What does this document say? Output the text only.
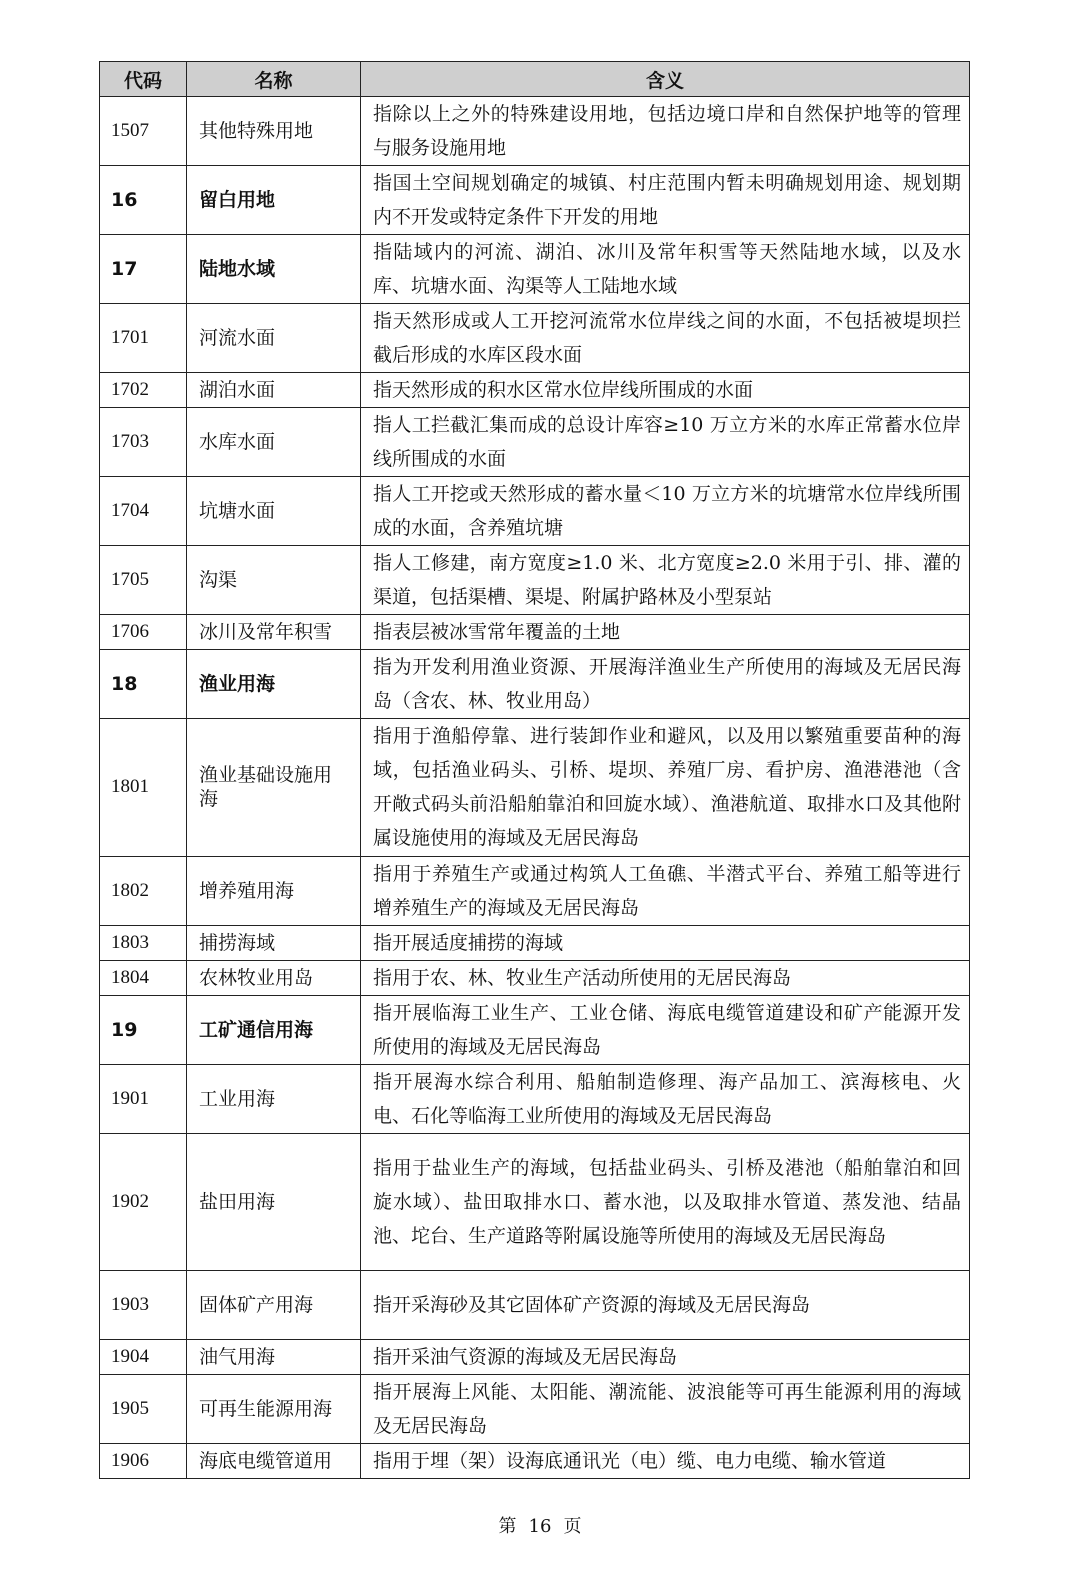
代码	名称	含义
1507	其他特殊用地	指除以上之外的特殊建设用地，包括边境口岸和自然保护地等的管理与服务设施用地
16	留白用地	指国土空间规划确定的城镇、村庄范围内暂未明确规划用途、规划期内不开发或特定条件下开发的用地
17	陆地水域	指陆域内的河流、湖泊、冰川及常年积雪等天然陆地水域，以及水库、坑塘水面、沟渠等人工陆地水域
1701	河流水面	指天然形成或人工开挖河流常水位岸线之间的水面，不包括被堤坝拦截后形成的水库区段水面
1702	湖泊水面	指天然形成的积水区常水位岸线所围成的水面
1703	水库水面	指人工拦截汇集而成的总设计库容≥10 万立方米的水库正常蓄水位岸线所围成的水面
1704	坑塘水面	指人工开挖或天然形成的蓄水量＜10 万立方米的坑塘常水位岸线所围成的水面，含养殖坑塘
1705	沟渠	指人工修建，南方宽度≥1.0 米、北方宽度≥2.0 米用于引、排、灌的渠道，包括渠槽、渠堤、附属护路林及小型泵站
1706	冰川及常年积雪	指表层被冰雪常年覆盖的土地
18	渔业用海	指为开发利用渔业资源、开展海洋渔业生产所使用的海域及无居民海岛（含农、林、牧业用岛）
1801	渔业基础设施用海	指用于渔船停靠、进行装卸作业和避风，以及用以繁殖重要苗种的海域，包括渔业码头、引桥、堤坝、养殖厂房、看护房、渔港港池（含开敞式码头前沿船舶靠泊和回旋水域）、渔港航道、取排水口及其他附属设施使用的海域及无居民海岛
1802	增养殖用海	指用于养殖生产或通过构筑人工鱼礁、半潜式平台、养殖工船等进行增养殖生产的海域及无居民海岛
1803	捕捞海域	指开展适度捕捞的海域
1804	农林牧业用岛	指用于农、林、牧业生产活动所使用的无居民海岛
19	工矿通信用海	指开展临海工业生产、工业仓储、海底电缆管道建设和矿产能源开发所使用的海域及无居民海岛
1901	工业用海	指开展海水综合利用、船舶制造修理、海产品加工、滨海核电、火电、石化等临海工业所使用的海域及无居民海岛
1902	盐田用海	指用于盐业生产的海域，包括盐业码头、引桥及港池（船舶靠泊和回旋水域）、盐田取排水口、蓄水池，以及取排水管道、蒸发池、结晶池、坨台、生产道路等附属设施等所使用的海域及无居民海岛
1903	固体矿产用海	指开采海砂及其它固体矿产资源的海域及无居民海岛
1904	油气用海	指开采油气资源的海域及无居民海岛
1905	可再生能源用海	指开展海上风能、太阳能、潮流能、波浪能等可再生能源利用的海域及无居民海岛
1906	海底电缆管道用	指用于埋（架）设海底通讯光（电）缆、电力电缆、输水管道
第 16 页
